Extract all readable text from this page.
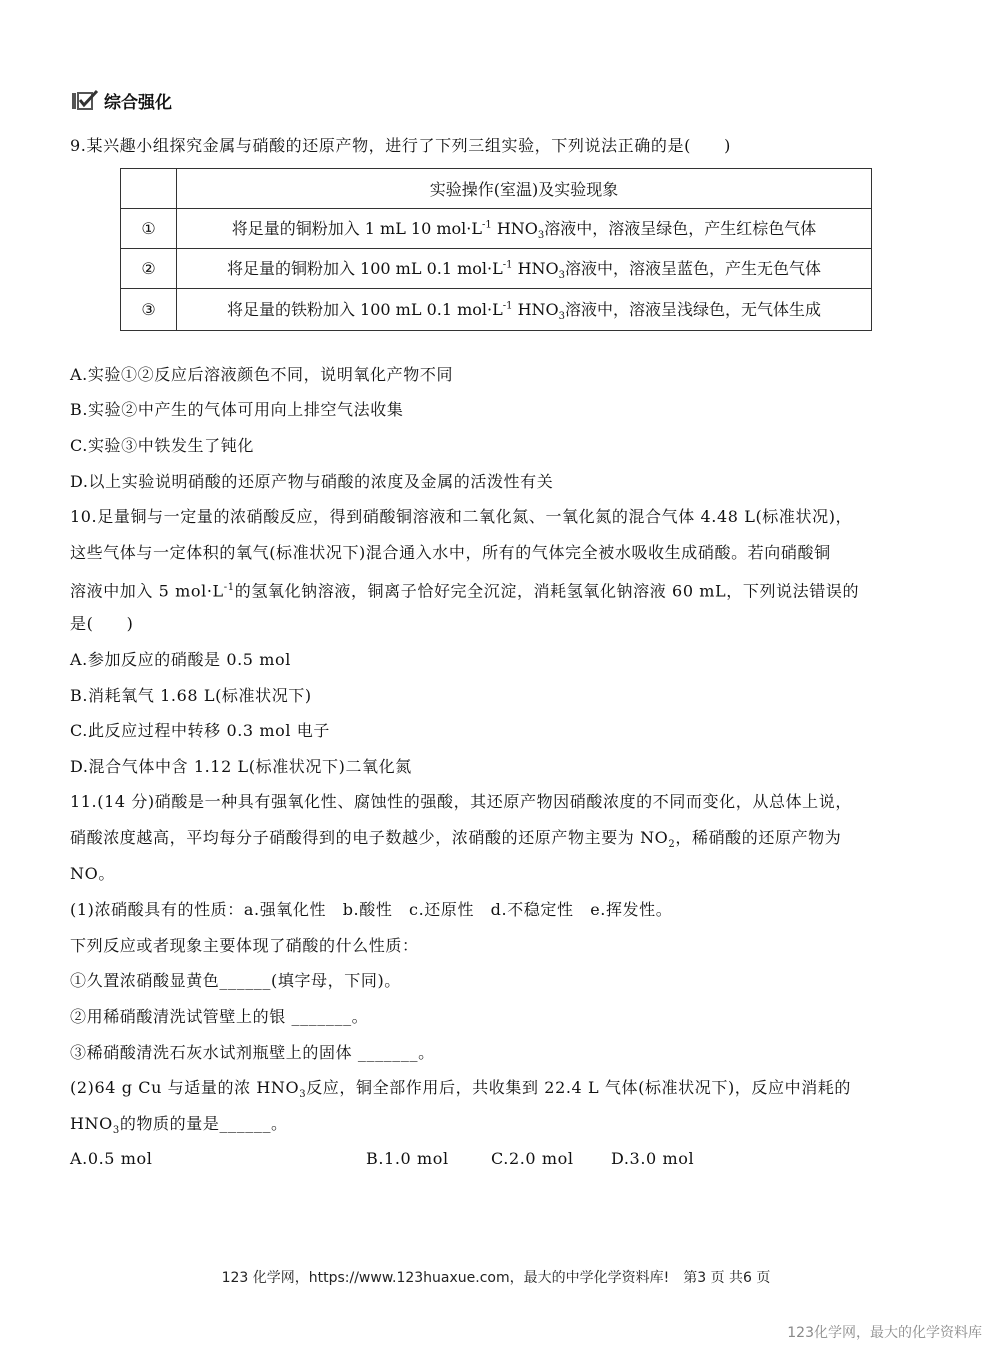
综合强化
9.某兴趣小组探究金属与硝酸的还原产物，进行了下列三组实验，下列说法正确的是(　　)
	实验操作(室温)及实验现象
①	将足量的铜粉加入 1 mL 10 $mol\cdot L^{-1}$ $HNO_3$溶液中，溶液呈绿色，产生红棕色气体
②	将足量的铜粉加入 100 mL 0.1 $mol\cdot L^{-1}$ $HNO_3$溶液中，溶液呈蓝色，产生无色气体
③	将足量的铁粉加入 100 mL 0.1 $mol\cdot L^{-1}$ $HNO_3$溶液中，溶液呈浅绿色，无气体生成
A.实验①②反应后溶液颜色不同，说明氧化产物不同
B.实验②中产生的气体可用向上排空气法收集
C.实验③中铁发生了钝化
D.以上实验说明硝酸的还原产物与硝酸的浓度及金属的活泼性有关
10.足量铜与一定量的浓硝酸反应，得到硝酸铜溶液和二氧化氮、一氧化氮的混合气体 4.48 L(标准状况)，
这些气体与一定体积的氧气(标准状况下)混合通入水中，所有的气体完全被水吸收生成硝酸。若向硝酸铜
溶液中加入 5 $mol\cdot L^{-1}$的氢氧化钠溶液，铜离子恰好完全沉淀，消耗氢氧化钠溶液 60 mL，下列说法错误的
是(　　)
A.参加反应的硝酸是 0.5 mol
B.消耗氧气 1.68 L(标准状况下)
C.此反应过程中转移 0.3 mol 电子
D.混合气体中含 1.12 L(标准状况下)二氧化氮
11.(14 分)硝酸是一种具有强氧化性、腐蚀性的强酸，其还原产物因硝酸浓度的不同而变化，从总体上说，
硝酸浓度越高，平均每分子硝酸得到的电子数越少，浓硝酸的还原产物主要为 $NO_2$，稀硝酸的还原产物为
NO。
(1)浓硝酸具有的性质：a.强氧化性　b.酸性　c.还原性　d.不稳定性　e.挥发性。
下列反应或者现象主要体现了硝酸的什么性质：
①久置浓硝酸显黄色______(填字母，下同)。
②用稀硝酸清洗试管壁上的银 _______。
③稀硝酸清洗石灰水试剂瓶壁上的固体 _______。
(2)64 g Cu 与适量的浓 $HNO_3$反应，铜全部作用后，共收集到 22.4 L 气体(标准状况下)，反应中消耗的
$HNO_3$的物质的量是______。
A.0.5 mol	B.1.0 mol	C.2.0 mol D.3.0 mol
123 化学网，https://www.123huaxue.com，最大的中学化学资料库!　第3 页 共6 页
123化学网，最大的化学资料库
